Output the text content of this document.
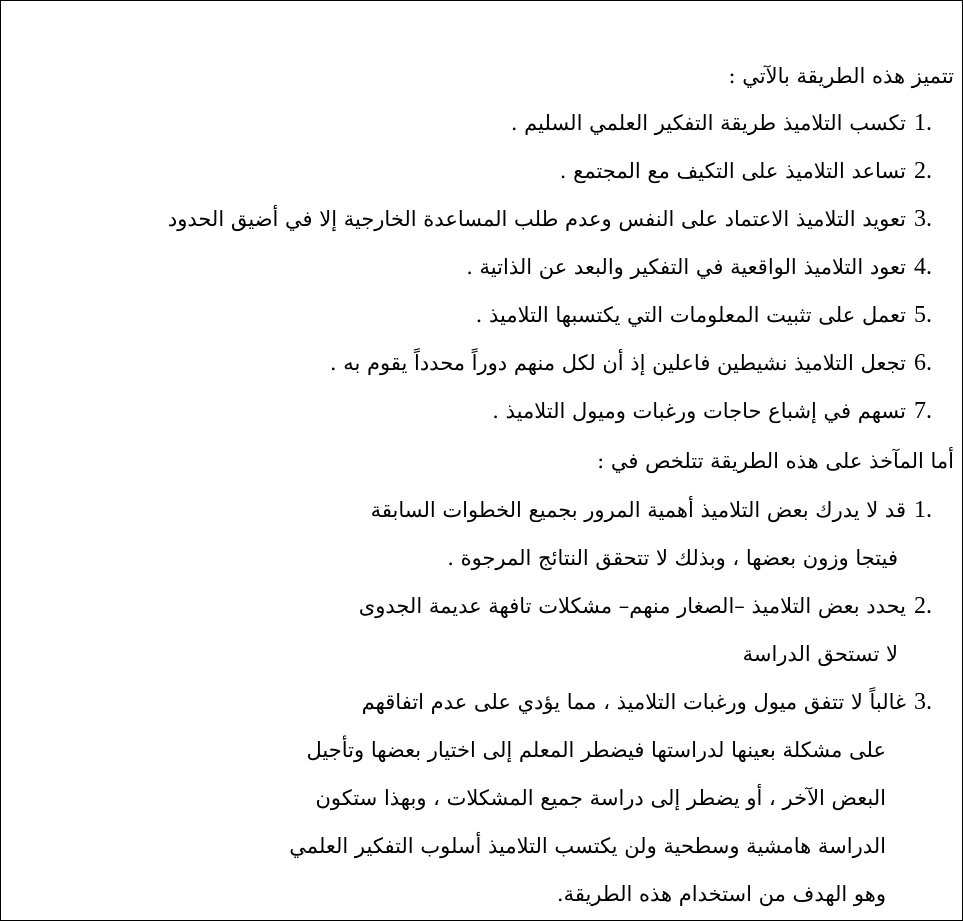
تتميز هذه الطريقة بالآتي :
1.
تكسب التلاميذ طريقة التفكير العلمي السليم .
2.
تساعد التلاميذ على التكيف مع المجتمع .
3.
تعويد التلاميذ الاعتماد على النفس وعدم طلب المساعدة الخارجية إلا في أضيق الحدود
4.
تعود التلاميذ الواقعية في التفكير والبعد عن الذاتية .
5.
تعمل على تثبيت المعلومات التي يكتسبها التلاميذ .
6.
تجعل التلاميذ نشيطين فاعلين إذ أن لكل منهم دوراً محدداً يقوم به .
7.
تسهم في إشباع حاجات ورغبات وميول التلاميذ .
أما المآخذ على هذه الطريقة تتلخص في :
1.
قد لا يدرك بعض التلاميذ أهمية المرور بجميع الخطوات السابقة
فيتجا وزون بعضها ، وبذلك لا تتحقق النتائج المرجوة .
2.
يحدد بعض التلاميذ –الصغار منهم– مشكلات تافهة عديمة الجدوى
لا تستحق الدراسة
3.
غالباً لا تتفق ميول ورغبات التلاميذ ، مما يؤدي على عدم اتفاقهم
على مشكلة بعينها لدراستها فيضطر المعلم إلى اختيار بعضها وتأجيل
البعض الآخر ، أو يضطر إلى دراسة جميع المشكلات ، وبهذا ستكون
الدراسة هامشية وسطحية ولن يكتسب التلاميذ أسلوب التفكير العلمي
وهو الهدف من استخدام هذه الطريقة.
